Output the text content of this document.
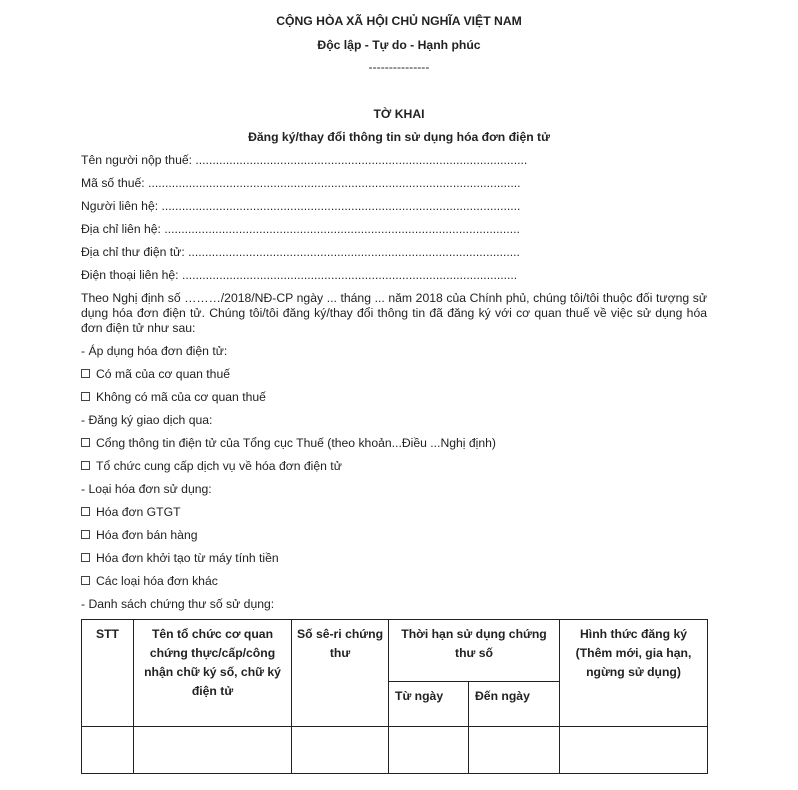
CỘNG HÒA XÃ HỘI CHỦ NGHĨA VIỆT NAM
Độc lập - Tự do - Hạnh phúc
---------------
TỜ KHAI
Đăng ký/thay đổi thông tin sử dụng hóa đơn điện tử
Tên người nộp thuế: ..................................................................................................
Mã số thuế: ..............................................................................................................
Người liên hệ: ..........................................................................................................
Địa chỉ liên hệ: .........................................................................................................
Địa chỉ thư điện tử: ..................................................................................................
Điện thoại liên hệ: ...................................................................................................
Theo Nghị định số ………/2018/NĐ-CP ngày ... tháng ... năm 2018 của Chính phủ, chúng tôi/tôi thuộc đối tượng sử dụng hóa đơn điện tử. Chúng tôi/tôi đăng ký/thay đổi thông tin đã đăng ký với cơ quan thuế về việc sử dụng hóa đơn điện tử như sau:
- Áp dụng hóa đơn điện tử:
Có mã của cơ quan thuế
Không có mã của cơ quan thuế
- Đăng ký giao dịch qua:
Cổng thông tin điện tử của Tổng cục Thuế (theo khoản...Điều ...Nghị định)
Tổ chức cung cấp dịch vụ về hóa đơn điện tử
- Loại hóa đơn sử dụng:
Hóa đơn GTGT
Hóa đơn bán hàng
Hóa đơn khởi tạo từ máy tính tiền
Các loại hóa đơn khác
- Danh sách chứng thư số sử dụng:
STT	Tên tổ chức cơ quan chứng thực/cấp/công nhận chữ ký số, chữ ký điện tử	Số sê-ri chứng thư	Thời hạn sử dụng chứng thư số		Hình thức đăng ký (Thêm mới, gia hạn, ngừng sử dụng)
			Từ ngày	Đến ngày	
